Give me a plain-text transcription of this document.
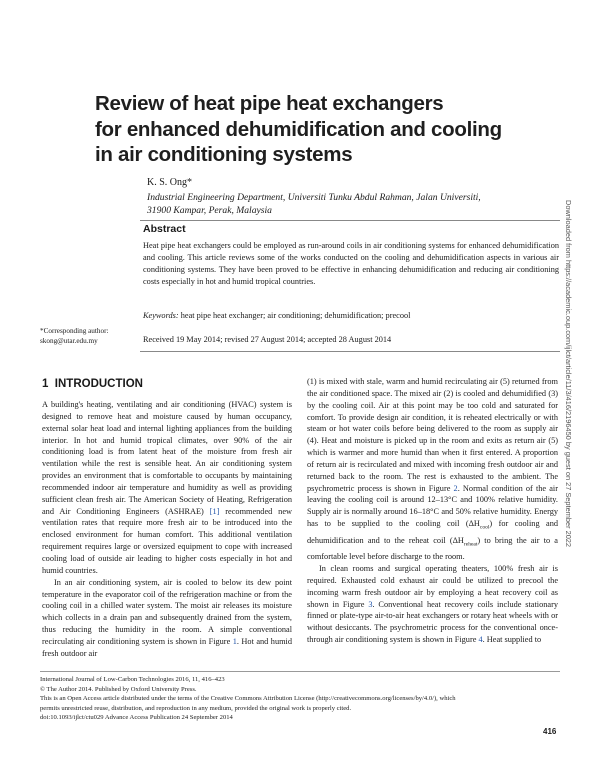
Review of heat pipe heat exchangers
for enhanced dehumidification and cooling
in air conditioning systems
K. S. Ong*
Industrial Engineering Department, Universiti Tunku Abdul Rahman, Jalan Universiti,
31900 Kampar, Perak, Malaysia
Abstract
Heat pipe heat exchangers could be employed as run-around coils in air conditioning systems for enhanced dehumidification and cooling. This article reviews some of the works conducted on the cooling and dehumidification aspects in various air conditioning systems. They have been proved to be effective in enhancing dehumidification and reducing air conditioning costs especially in hot and humid tropical countries.
Keywords: heat pipe heat exchanger; air conditioning; dehumidification; precool
*Corresponding author:
skong@utar.edu.my	Received 19 May 2014; revised 27 August 2014; accepted 28 August 2014
1 INTRODUCTION

A building's heating, ventilating and air conditioning (HVAC) system is designed to remove heat and moisture caused by human occupancy, external solar heat load and internal lighting appliances from the building interior. In hot and humid tropical climates, over 90% of the air conditioning load is from latent heat of the moisture from fresh air ventilation while the rest is sensible heat. An air conditioning system provides an environment that is comfortable to occupants by maintaining recommended indoor air temperature and humidity as well as providing sufficient clean fresh air. The American Society of Heating, Refrigeration and Air Conditioning Engineers (ASHRAE) [1] recommended new ventilation rates that require more fresh air to be introduced into the enclosed environment for human comfort. This additional ventilation requirement requires large or oversized equipment to cope with increased cooling load of outside air leading to higher costs especially in hot and humid countries.

In an air conditioning system, air is cooled to below its dew point temperature in the evaporator coil of the refrigeration machine or from the cooling coil in a chilled water system. The moist air releases its moisture which collects in a drain pan and subsequently drained from the system, thus reducing the humidity in the room. A simple conventional recirculating air conditioning system is shown in Figure 1. Hot and humid fresh outdoor air

(1) is mixed with stale, warm and humid recirculating air (5) returned from the air conditioned space. The mixed air (2) is cooled and dehumidified (3) by the cooling coil. Air at this point may be too cold and saturated for comfort. To provide design air condition, it is reheated electrically or with steam or hot water coils before being delivered to the room as supply air (4). Heat and moisture is picked up in the room and exits as return air (5) which is warmer and more humid than when it first entered. A proportion of return air is recirculated and mixed with incoming fresh outdoor air and returned back to the room. The rest is exhausted to the ambient. The psychrometric process is shown in Figure 2. Normal condition of the air leaving the cooling coil is around 12–13°C and 100% relative humidity. Supply air is normally around 16–18°C and 50% relative humidity. Energy has to be supplied to the cooling coil $(\Delta H_{cool})$ for cooling and dehumidification and to the reheat coil $(\Delta H_{reheat})$ to bring the air to a comfortable level before discharge to the room.

In clean rooms and surgical operating theaters, 100% fresh air is required. Exhausted cold exhaust air could be utilized to precool the incoming warm fresh outdoor air by employing a heat recovery coil as shown in Figure 3. Conventional heat recovery coils include stationary finned or plate-type air-to-air heat exchangers or rotary heat wheels with or without desiccants. The psychrometric process for the conventional once-through air conditioning system is shown in Figure 4. Heat supplied to

International Journal of Low-Carbon Technologies 2016, 11, 416–423
© The Author 2014. Published by Oxford University Press.
This is an Open Access article distributed under the terms of the Creative Commons Attribution License (http://creativecommons.org/licenses/by/4.0/), which
permits unrestricted reuse, distribution, and reproduction in any medium, provided the original work is properly cited.
doi:10.1093/ijlct/ctu029 Advance Access Publication 24 September 2014
416
Downloaded from https://academic.oup.com/ijlct/article/11/3/416/2196450 by guest on 27 September 2022
